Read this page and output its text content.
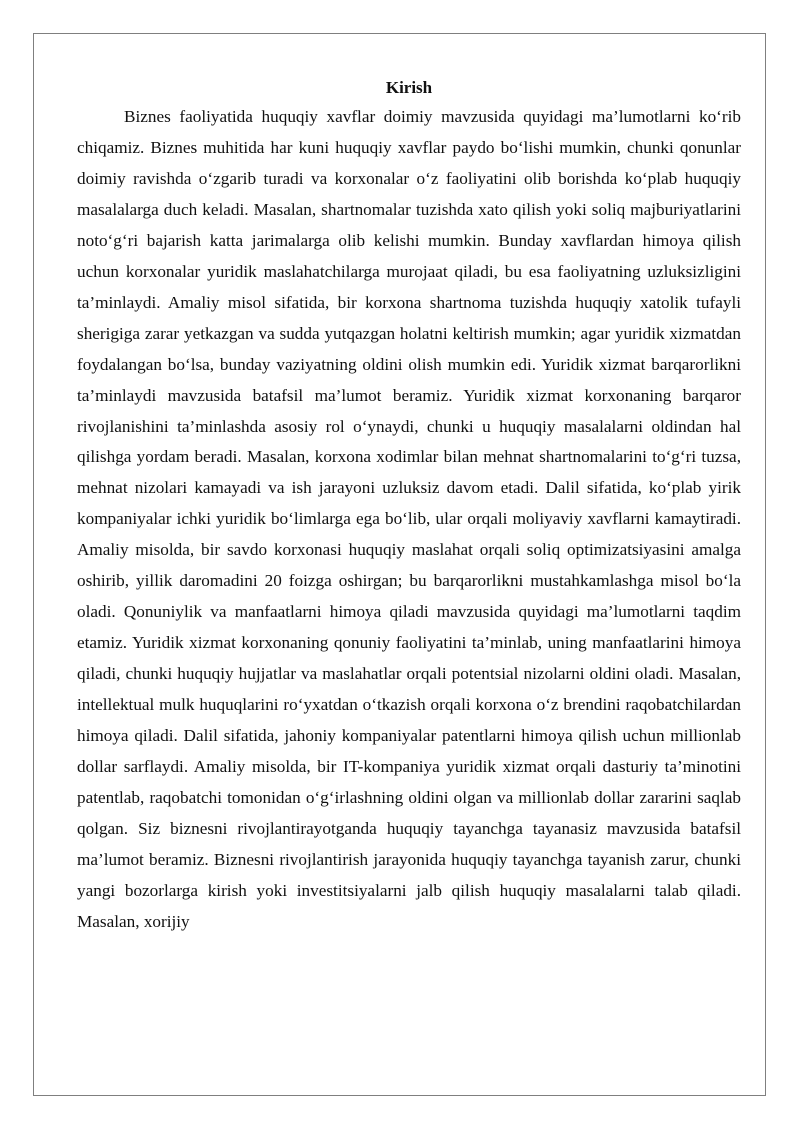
Kirish

Biznes faoliyatida huquqiy xavflar doimiy mavzusida quyidagi ma’lumotlarni ko‘rib chiqamiz. Biznes muhitida har kuni huquqiy xavflar paydo bo‘lishi mumkin, chunki qonunlar doimiy ravishda o‘zgarib turadi va korxonalar o‘z faoliyatini olib borishda ko‘plab huquqiy masalalarga duch keladi. Masalan, shartnomalar tuzishda xato qilish yoki soliq majburiyatlarini noto‘g‘ri bajarish katta jarimalarga olib kelishi mumkin. Bunday xavflardan himoya qilish uchun korxonalar yuridik maslahatchilarga murojaat qiladi, bu esa faoliyatning uzluksizligini ta’minlaydi. Amaliy misol sifatida, bir korxona shartnoma tuzishda huquqiy xatolik tufayli sherigiga zarar yetkazgan va sudda yutqazgan holatni keltirish mumkin; agar yuridik xizmatdan foydalangan bo‘lsa, bunday vaziyatning oldini olish mumkin edi. Yuridik xizmat barqarorlikni ta’minlaydi mavzusida batafsil ma’lumot beramiz. Yuridik xizmat korxonaning barqaror rivojlanishini ta’minlashda asosiy rol o‘ynaydi, chunki u huquqiy masalalarni oldindan hal qilishga yordam beradi. Masalan, korxona xodimlar bilan mehnat shartnomalarini to‘g‘ri tuzsa, mehnat nizolari kamayadi va ish jarayoni uzluksiz davom etadi. Dalil sifatida, ko‘plab yirik kompaniyalar ichki yuridik bo‘limlarga ega bo‘lib, ular orqali moliyaviy xavflarni kamaytiradi. Amaliy misolda, bir savdo korxonasi huquqiy maslahat orqali soliq optimizatsiyasini amalga oshirib, yillik daromadini 20 foizga oshirgan; bu barqarorlikni mustahkamlashga misol bo‘la oladi. Qonuniylik va manfaatlarni himoya qiladi mavzusida quyidagi ma’lumotlarni taqdim etamiz. Yuridik xizmat korxonaning qonuniy faoliyatini ta’minlab, uning manfaatlarini himoya qiladi, chunki huquqiy hujjatlar va maslahatlar orqali potentsial nizolarni oldini oladi. Masalan, intellektual mulk huquqlarini ro‘yxatdan o‘tkazish orqali korxona o‘z brendini raqobatchilardan himoya qiladi. Dalil sifatida, jahoniy kompaniyalar patentlarni himoya qilish uchun millionlab dollar sarflaydi. Amaliy misolda, bir IT-kompaniya yuridik xizmat orqali dasturiy ta’minotini patentlab, raqobatchi tomonidan o‘g‘irlashning oldini olgan va millionlab dollar zararini saqlab qolgan. Siz biznesni rivojlantirayotganda huquqiy tayanchga tayanasiz mavzusida batafsil ma’lumot beramiz. Biznesni rivojlantirish jarayonida huquqiy tayanchga tayanish zarur, chunki yangi bozorlarga kirish yoki investitsiyalarni jalb qilish huquqiy masalalarni talab qiladi. Masalan, xorijiy
